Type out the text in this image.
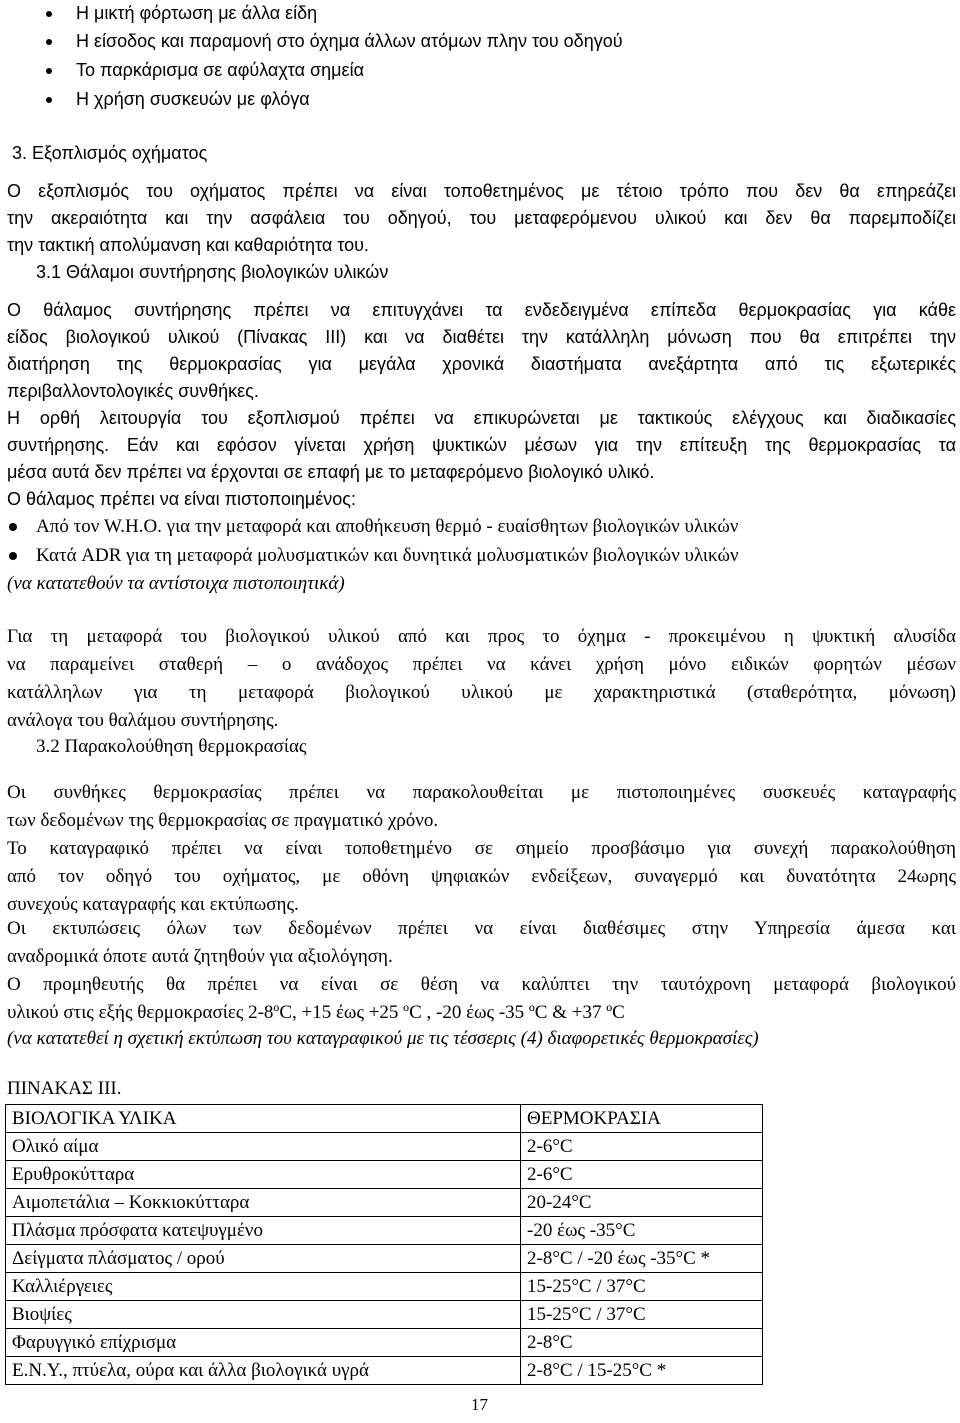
Η μικτή φόρτωση με άλλα είδη
Η είσοδος και παραμονή στο όχημα άλλων ατόμων πλην του οδηγού
Το παρκάρισμα σε αφύλαχτα σημεία
Η χρήση συσκευών με φλόγα
3. Εξοπλισμός οχήματος
Ο εξοπλισμός του οχήματος πρέπει να είναι τοποθετημένος με τέτοιο τρόπο που δεν θα επηρεάζει
την ακεραιότητα και την ασφάλεια του οδηγού, του μεταφερόμενου υλικού και δεν θα παρεμποδίζει
την τακτική απολύμανση και καθαριότητα του.
3.1 Θάλαμοι συντήρησης βιολογικών υλικών
Ο θάλαμος συντήρησης πρέπει να επιτυγχάνει τα ενδεδειγμένα επίπεδα θερμοκρασίας για κάθε
είδος βιολογικού υλικού (Πίνακας ΙΙΙ) και να διαθέτει την κατάλληλη μόνωση που θα επιτρέπει την
διατήρηση της θερμοκρασίας για μεγάλα χρονικά διαστήματα ανεξάρτητα από τις εξωτερικές
περιβαλλοντολογικές συνθήκες.
Η ορθή λειτουργία του εξοπλισμού πρέπει να επικυρώνεται με τακτικούς ελέγχους και διαδικασίες
συντήρησης. Εάν και εφόσον γίνεται χρήση ψυκτικών μέσων για την επίτευξη της θερμοκρασίας τα
μέσα αυτά δεν πρέπει να έρχονται σε επαφή με το μεταφερόμενο βιολογικό υλικό.
Ο θάλαμος πρέπει να είναι πιστοποιημένος:
Από τον W.H.O. για την μεταφορά και αποθήκευση θερμό - ευαίσθητων βιολογικών υλικών
Κατά ADR για τη μεταφορά μολυσματικών και δυνητικά μολυσματικών βιολογικών υλικών
(να κατατεθούν τα αντίστοιχα πιστοποιητικά)
Για τη μεταφορά του βιολογικού υλικού από και προς το όχημα - προκειμένου η ψυκτική αλυσίδα
να παραμείνει σταθερή – ο ανάδοχος πρέπει να κάνει χρήση μόνο ειδικών φορητών μέσων
κατάλληλων για τη μεταφορά βιολογικού υλικού με χαρακτηριστικά (σταθερότητα, μόνωση)
ανάλογα του θαλάμου συντήρησης.
3.2 Παρακολούθηση θερμοκρασίας
Οι συνθήκες θερμοκρασίας πρέπει να παρακολουθείται με πιστοποιημένες συσκευές καταγραφής
των δεδομένων της θερμοκρασίας σε πραγματικό χρόνο.
Το καταγραφικό πρέπει να είναι τοποθετημένο σε σημείο προσβάσιμο για συνεχή παρακολούθηση
από τον οδηγό του οχήματος, με οθόνη ψηφιακών ενδείξεων, συναγερμό και δυνατότητα 24ωρης
συνεχούς καταγραφής και εκτύπωσης.
Οι εκτυπώσεις όλων των δεδομένων πρέπει να είναι διαθέσιμες στην Υπηρεσία άμεσα και
αναδρομικά όποτε αυτά ζητηθούν για αξιολόγηση.
Ο προμηθευτής θα πρέπει να είναι σε θέση να καλύπτει την ταυτόχρονη μεταφορά βιολογικού
υλικού στις εξής θερμοκρασίες 2-8ºC, +15 έως +25 ºC , -20 έως -35 ºC & +37 ºC
(να κατατεθεί η σχετική εκτύπωση του καταγραφικού με τις τέσσερις (4) διαφορετικές θερμοκρασίες)
ΠΙΝΑΚΑΣ ΙΙΙ.
ΒΙΟΛΟΓΙΚΑ ΥΛΙΚΑ	ΘΕΡΜΟΚΡΑΣΙΑ
Ολικό αίμα	2-6°C
Ερυθροκύτταρα	2-6°C
Αιμοπετάλια – Κοκκιοκύτταρα	20-24°C
Πλάσμα πρόσφατα κατεψυγμένο	-20 έως -35°C
Δείγματα πλάσματος / ορού	2-8°C / -20 έως -35°C *
Καλλιέργειες	15-25°C / 37°C
Βιοψίες	15-25°C / 37°C
Φαρυγγικό επίχρισμα	2-8°C
Ε.Ν.Υ., πτύελα, ούρα και άλλα βιολογικά υγρά	2-8°C / 15-25°C *
17
